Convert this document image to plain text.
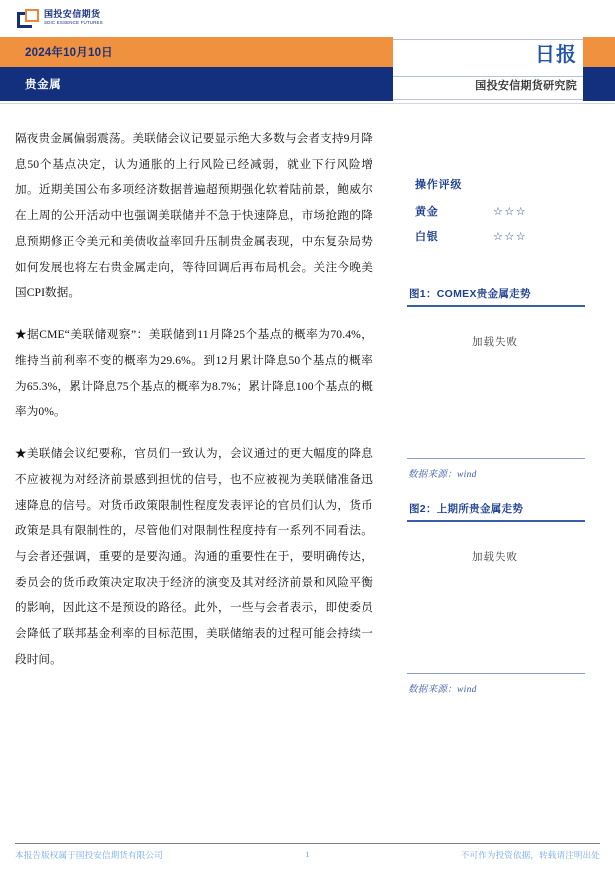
国投安信期货
SDIC ESSENCE FUTURES
2024年10月10日
贵金属
日报
国投安信期货研究院

隔夜贵金属偏弱震荡。美联储会议记要显示绝大多数与会者支持9月降息50个基点决定，认为通胀的上行风险已经减弱，就业下行风险增加。近期美国公布多项经济数据普遍超预期强化软着陆前景，鲍威尔在上周的公开活动中也强调美联储并不急于快速降息，市场抢跑的降息预期修正令美元和美债收益率回升压制贵金属表现，中东复杂局势如何发展也将左右贵金属走向，等待回调后再布局机会。关注今晚美国CPI数据。

★据CME“美联储观察”：美联储到11月降25个基点的概率为70.4%，维持当前利率不变的概率为29.6%。到12月累计降息50个基点的概率为65.3%，累计降息75个基点的概率为8.7%；累计降息100个基点的概率为0%。

★美联储会议纪要称，官员们一致认为，会议通过的更大幅度的降息不应被视为对经济前景感到担忧的信号，也不应被视为美联储准备迅速降息的信号。对货币政策限制性程度发表评论的官员们认为，货币政策是具有限制性的，尽管他们对限制性程度持有一系列不同看法。与会者还强调，重要的是要沟通。沟通的重要性在于，要明确传达，委员会的货币政策决定取决于经济的演变及其对经济前景和风险平衡的影响，因此这不是预设的路径。此外，一些与会者表示，即使委员会降低了联邦基金利率的目标范围，美联储缩表的过程可能会持续一段时间。

操作评级
黄金	☆☆☆
白银	☆☆☆
图1：COMEX贵金属走势
加载失败
数据来源：wind
图2：上期所贵金属走势
加载失败
数据来源：wind
本报告版权属于国投安信期货有限公司	1	不可作为投资依据，转载请注明出处
